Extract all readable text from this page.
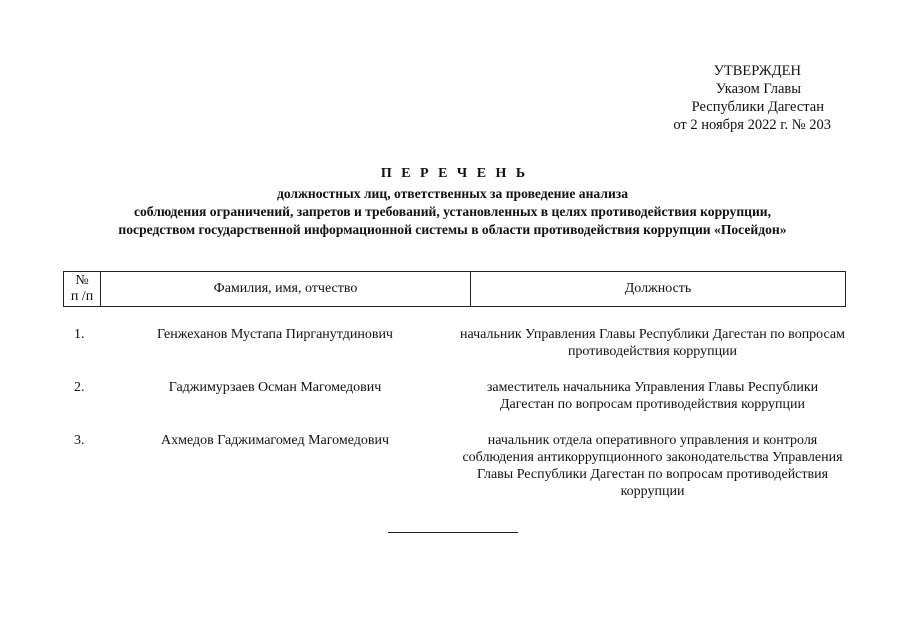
УТВЕРЖДЕН
Указом Главы
Республики Дагестан
от 2 ноября 2022 г. № 203
П Е Р Е Ч Е Н Ь
должностных лиц, ответственных за проведение анализа
соблюдения ограничений, запретов и требований, установленных в целях противодействия коррупции,
посредством государственной информационной системы в области противодействия коррупции «Посейдон»
№
п /п
	Фамилия, имя, отчество	Должность
1.	Генжеханов Мустапа Пирганутдинович	начальник Управления Главы Республики Дагестан по вопросам противодействия коррупции
2.	Гаджимурзаев Осман Магомедович	заместитель начальника Управления Главы Республики Дагестан по вопросам противодействия коррупции
3.	Ахмедов Гаджимагомед Магомедович	начальник отдела оперативного управления и контроля соблюдения антикоррупционного законодательства Управления Главы Республики Дагестан по вопросам противодействия коррупции
